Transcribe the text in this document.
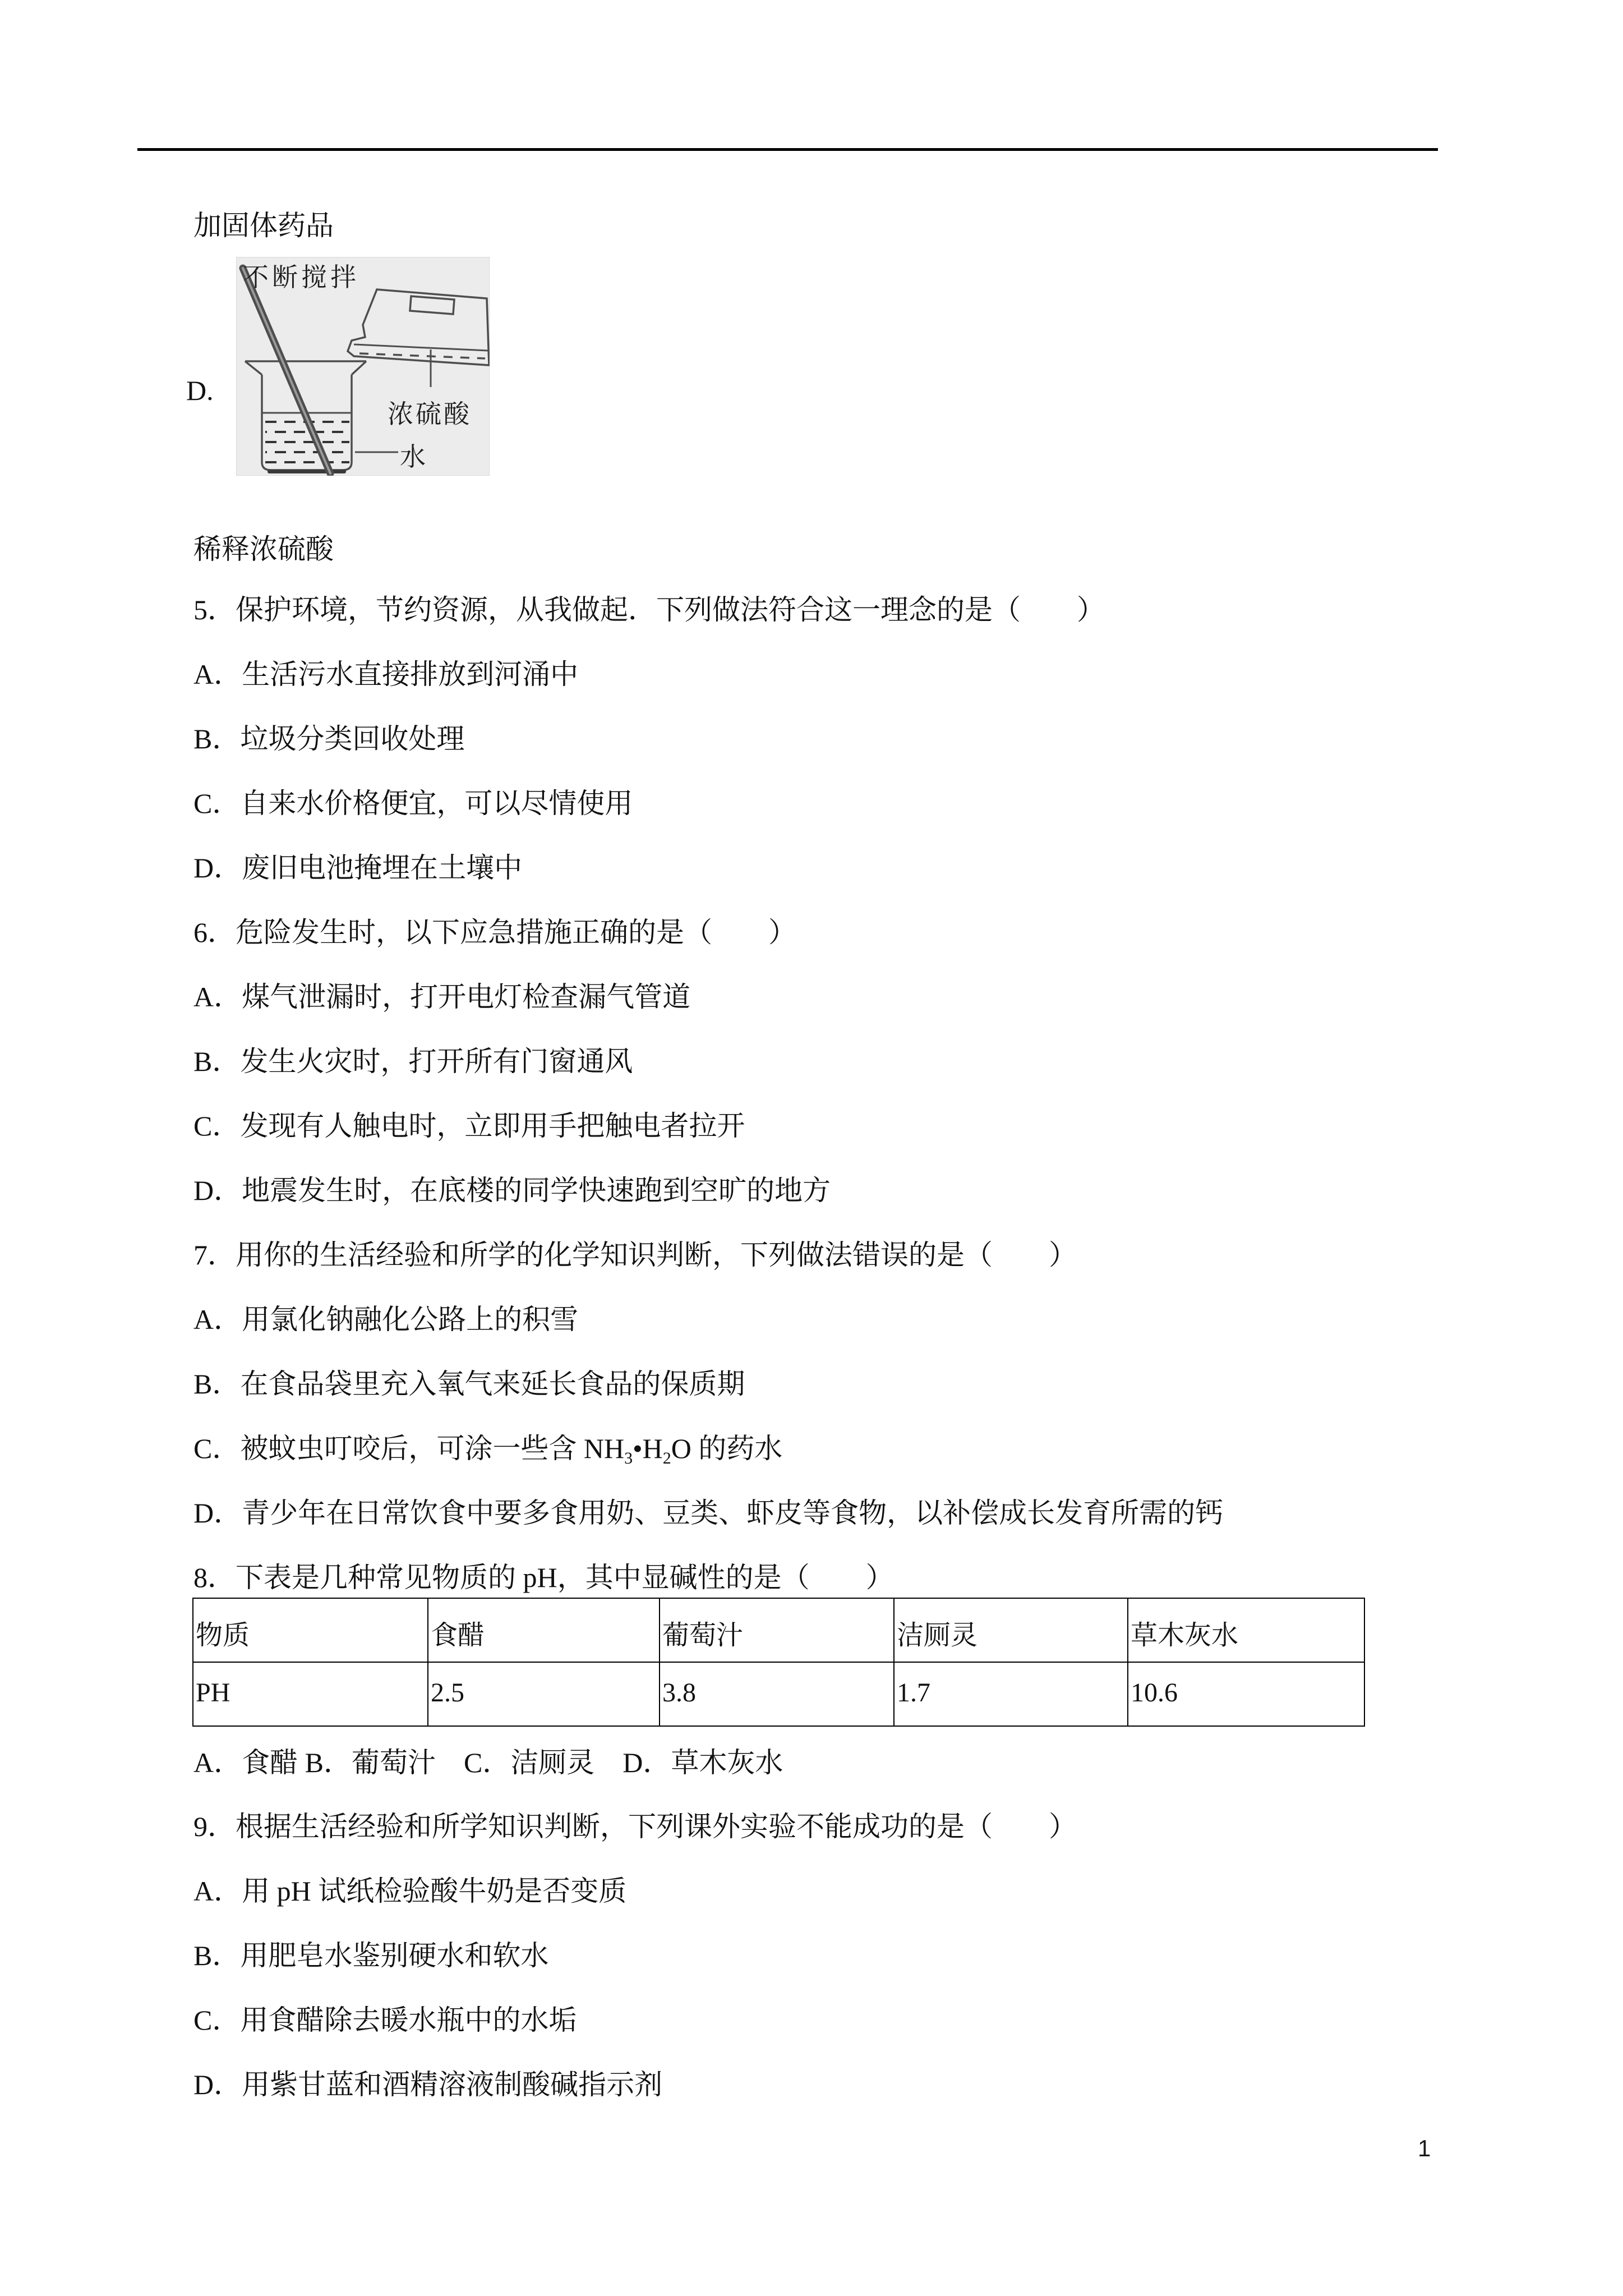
加固体药品
D.
不断搅拌
浓硫酸
水
稀释浓硫酸
5．保护环境，节约资源，从我做起．下列做法符合这一理念的是（　　）
A．生活污水直接排放到河涌中
B．垃圾分类回收处理
C．自来水价格便宜，可以尽情使用
D．废旧电池掩埋在土壤中
6．危险发生时，以下应急措施正确的是（　　）
A．煤气泄漏时，打开电灯检查漏气管道
B．发生火灾时，打开所有门窗通风
C．发现有人触电时，立即用手把触电者拉开
D．地震发生时，在底楼的同学快速跑到空旷的地方
7．用你的生活经验和所学的化学知识判断，下列做法错误的是（　　）
A．用氯化钠融化公路上的积雪
B．在食品袋里充入氧气来延长食品的保质期
C．被蚊虫叮咬后，可涂一些含 $NH_3•H_2O$ 的药水
D．青少年在日常饮食中要多食用奶、豆类、虾皮等食物，以补偿成长发育所需的钙
8．下表是几种常见物质的 pH，其中显碱性的是（　　）
物质	食醋	葡萄汁	洁厕灵	草木灰水
PH	2.5	3.8	1.7	10.6
A．食醋 B．葡萄汁　C．洁厕灵　D．草木灰水
9．根据生活经验和所学知识判断，下列课外实验不能成功的是（　　）
A．用 pH 试纸检验酸牛奶是否变质
B．用肥皂水鉴别硬水和软水
C．用食醋除去暖水瓶中的水垢
D．用紫甘蓝和酒精溶液制酸碱指示剂
1
